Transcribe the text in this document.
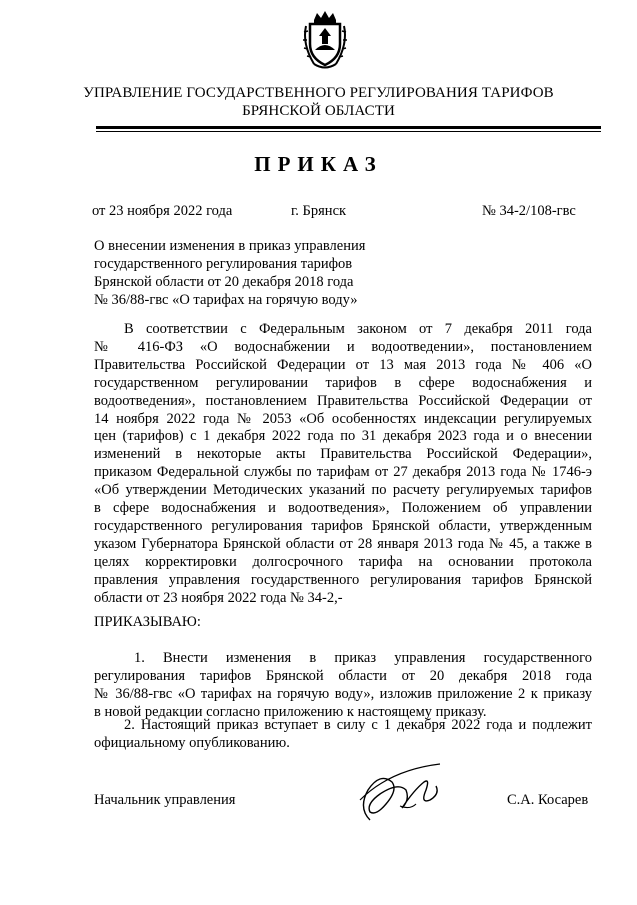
УПРАВЛЕНИЕ ГОСУДАРСТВЕННОГО РЕГУЛИРОВАНИЯ ТАРИФОВ
БРЯНСКОЙ ОБЛАСТИ
ПРИКАЗ
от 23 ноября 2022 года	г. Брянск	№ 34-2/108-гвс
О внесении изменения в приказ управления
государственного регулирования тарифов
Брянской области от 20 декабря 2018 года
№ 36/88-гвс «О тарифах на горячую воду»
В соответствии с Федеральным законом от 7 декабря 2011 года
№ 416-ФЗ «О водоснабжении и водоотведении», постановлением
Правительства Российской Федерации от 13 мая 2013 года № 406 «О
государственном регулировании тарифов в сфере водоснабжения и
водоотведения», постановлением Правительства Российской Федерации от
14 ноября 2022 года № 2053 «Об особенностях индексации регулируемых
цен (тарифов) с 1 декабря 2022 года по 31 декабря 2023 года и о внесении
изменений в некоторые акты Правительства Российской Федерации»,
приказом Федеральной службы по тарифам от 27 декабря 2013 года № 1746-э
«Об утверждении Методических указаний по расчету регулируемых тарифов
в сфере водоснабжения и водоотведения», Положением об управлении
государственного регулирования тарифов Брянской области, утвержденным
указом Губернатора Брянской области от 28 января 2013 года № 45, а также в
целях корректировки долгосрочного тарифа на основании протокола
правления управления государственного регулирования тарифов Брянской
области от 23 ноября 2022 года № 34-2,-
ПРИКАЗЫВАЮ:
1. Внести изменения в приказ управления государственного
регулирования тарифов Брянской области от 20 декабря 2018 года
№ 36/88-гвс «О тарифах на горячую воду», изложив приложение 2 к приказу
в новой редакции согласно приложению к настоящему приказу.
2. Настоящий приказ вступает в силу с 1 декабря 2022 года и подлежит
официальному опубликованию.
Начальник управления	С.А. Косарев
